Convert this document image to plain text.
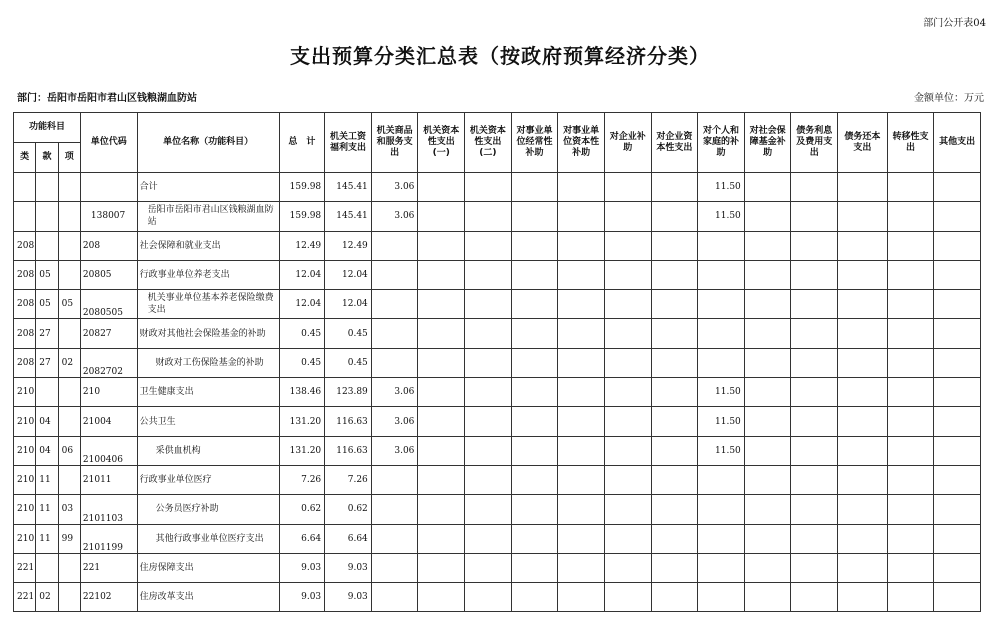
部门公开表04
支出预算分类汇总表（按政府预算经济分类）
部门：岳阳市岳阳市君山区钱粮湖血防站	金额单位：万元
功能科目			单位代码	单位名称（功能科目）	总　计	机关工资福利支出	机关商品和服务支出	机关资本性支出(一)	机关资本性支出(二)	对事业单位经常性补助	对事业单位资本性补助	对企业补助	对企业资本性支出	对个人和家庭的补助	对社会保障基金补助	债务利息及费用支出	债务还本支出	转移性支出	其他支出
类	款	项																	
				合计	159.98	145.41	3.06							11.50					
			138007	岳阳市岳阳市君山区钱粮湖血防站	159.98	145.41	3.06							11.50					
208			208	社会保障和就业支出	12.49	12.49													
208	05		20805	行政事业单位养老支出	12.04	12.04													
208	05	05	2080505	机关事业单位基本养老保险缴费支出	12.04	12.04													
208	27		20827	财政对其他社会保险基金的补助	0.45	0.45													
208	27	02	2082702	财政对工伤保险基金的补助	0.45	0.45													
210			210	卫生健康支出	138.46	123.89	3.06							11.50					
210	04		21004	公共卫生	131.20	116.63	3.06							11.50					
210	04	06	2100406	采供血机构	131.20	116.63	3.06							11.50					
210	11		21011	行政事业单位医疗	7.26	7.26													
210	11	03	2101103	公务员医疗补助	0.62	0.62													
210	11	99	2101199	其他行政事业单位医疗支出	6.64	6.64													
221			221	住房保障支出	9.03	9.03													
221	02		22102	住房改革支出	9.03	9.03													
